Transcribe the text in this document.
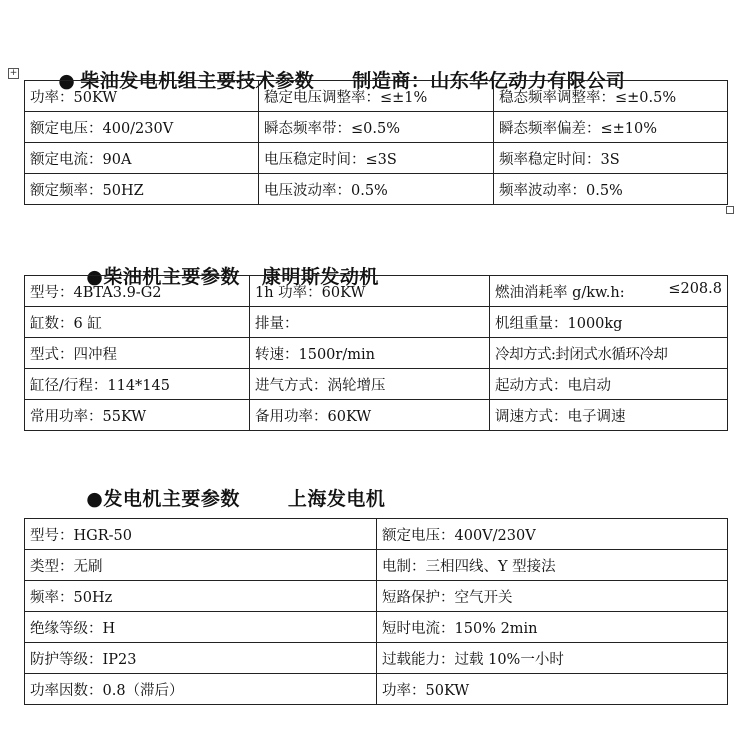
● 柴油发电机组主要技术参数 制造商：山东华亿动力有限公司

+
功率：50KW	稳定电压调整率：≤±1%	稳态频率调整率：≤±0.5%
额定电压：400/230V	瞬态频率带：≤0.5%	瞬态频率偏差：≤±10%
额定电流：90A	电压稳定时间：≤3S	频率稳定时间：3S
额定频率：50HZ	电压波动率：0.5%	频率波动率：0.5%

●柴油机主要参数 康明斯发动机

型号：4BTA3.9-G2	1h 功率：60KW	燃油消耗率 g/kw.h: ≤208.8

缸数：6 缸	排量：	机组重量：1000kg
型式：四冲程	转速：1500r/min	冷却方式:封闭式水循环冷却
缸径/行程：114*145	进气方式：涡轮增压	起动方式：电启动
常用功率：55KW	备用功率：60KW	调速方式：电子调速

●发电机主要参数	上海发电机

型号：HGR-50	额定电压：400V/230V
类型：无刷	电制：三相四线、Y 型接法
频率：50Hz	短路保护：空气开关
绝缘等级：H	短时电流：150% 2min
防护等级：IP23	过载能力：过载 10%一小时
功率因数：0.8（滞后）	功率：50KW
